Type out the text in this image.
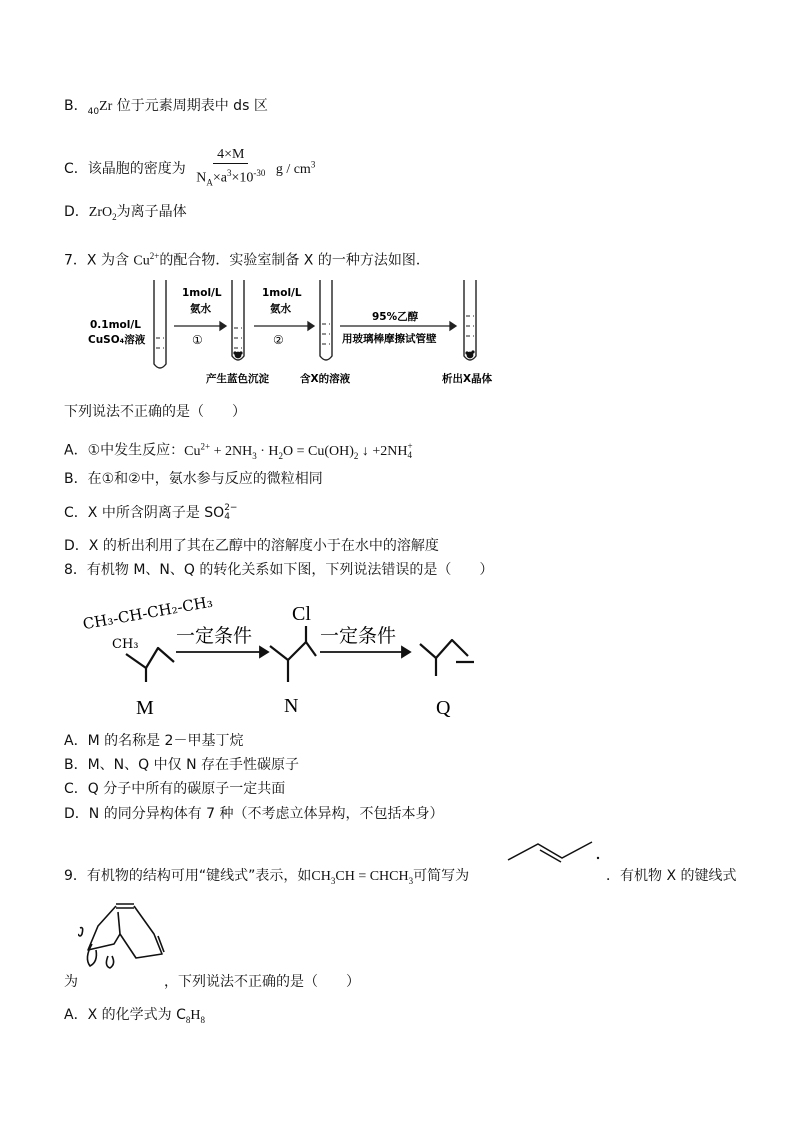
B．$_{40}$Zr 位于元素周期表中 ds 区
C．该晶胞的密度为 $\frac{4\times M}{N_A\times a^3\times 10^{-30}}$ g / $cm^3$
D．ZrO$_2$为离子晶体
7．X 为含 $Cu^{2+}$的配合物．实验室制备 X 的一种方法如图．
0.1mol/L
CuSO₄溶液
1mol/L
氨水
①
1mol/L
氨水
②
95%乙醇
用玻璃棒摩擦试管壁
产生蓝色沉淀	含X的溶液	析出X晶体
下列说法不正确的是（　　）
A．①中发生反应：$Cu^{2+} + 2NH_3 \cdot H_2O = Cu(OH)_2$ ↓ +2NH +
4
B．在①和②中，氨水参与反应的微粒相同
C．X 中所含阴离子是 SO 2−
4
D．X 的析出利用了其在乙醇中的溶解度小于在水中的溶解度
8．有机物 M、N、Q 的转化关系如下图，下列说法错误的是（　　）
CH₃-CH-CH₂-CH₃
CH₃ 一定条件	一定条件
Cl
M	N	Q
A．M 的名称是 2－甲基丁烷
B．M、N、Q 中仅 N 存在手性碳原子
C．Q 分子中所有的碳原子一定共面
D．N 的同分异构体有 7 种（不考虑立体异构，不包括本身）
9．有机物的结构可用“键线式”表示，如$CH_3CH$ = $CHCH_3$可简写为	．有机物 X 的键线式
为	，下列说法不正确的是（　　）
A．X 的化学式为 $C_8H_8$
